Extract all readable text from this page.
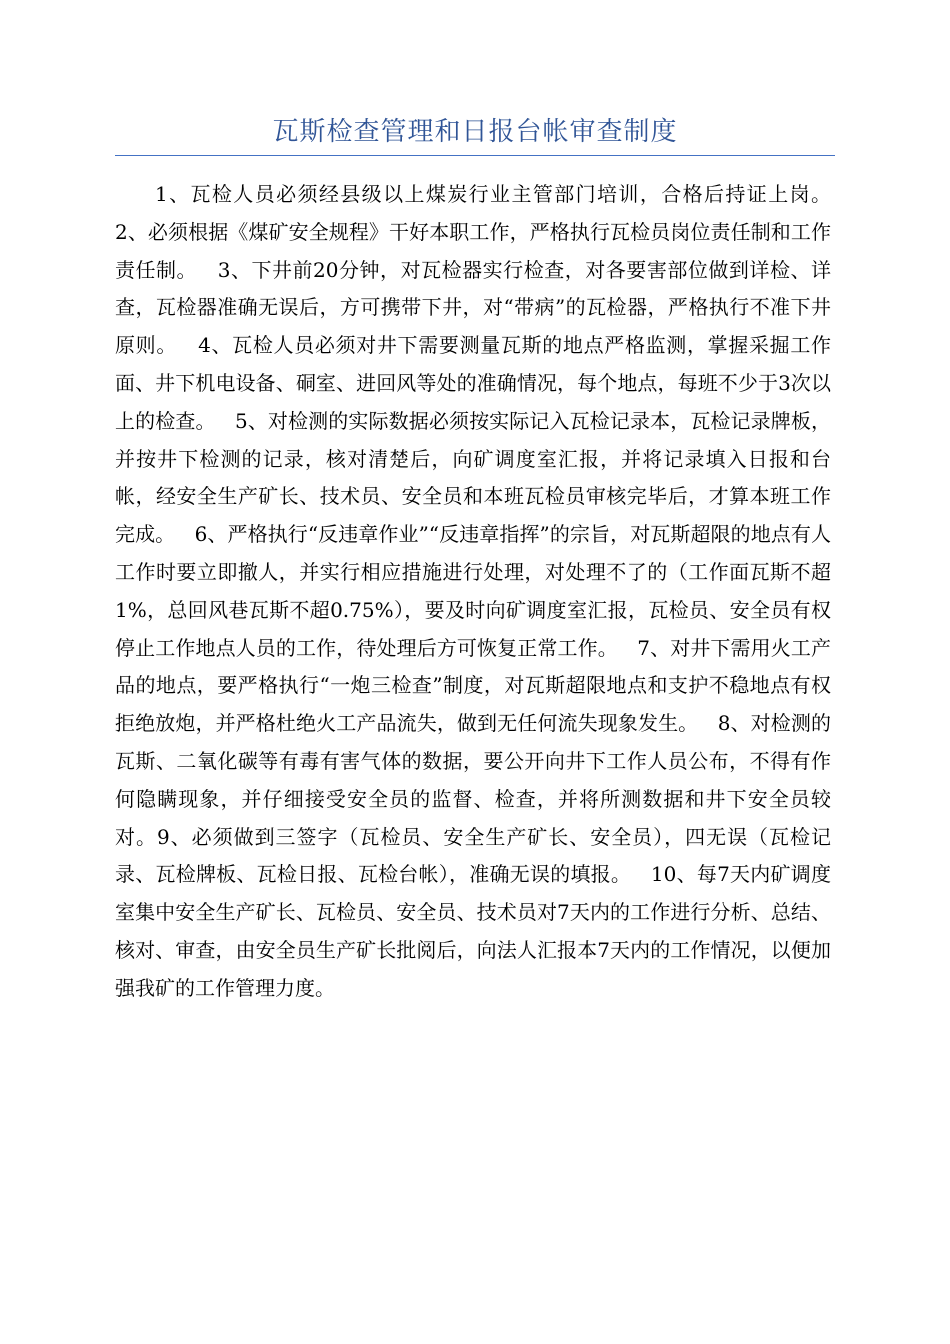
瓦斯检查管理和日报台帐审查制度

1、瓦检人员必须经县级以上煤炭行业主管部门培训，合格后持证上岗。   2、必须根据《煤矿安全规程》干好本职工作，严格执行瓦检员岗位责任制和工作责任制。   3、下井前20分钟，对瓦检器实行检查，对各要害部位做到详检、详查，瓦检器准确无误后，方可携带下井，对“带病”的瓦检器，严格执行不准下井原则。   4、瓦检人员必须对井下需要测量瓦斯的地点严格监测，掌握采掘工作面、井下机电设备、硐室、进回风等处的准确情况，每个地点，每班不少于3次以上的检查。   5、对检测的实际数据必须按实际记入瓦检记录本，瓦检记录牌板，并按井下检测的记录，核对清楚后，向矿调度室汇报，并将记录填入日报和台帐，经安全生产矿长、技术员、安全员和本班瓦检员审核完毕后，才算本班工作完成。   6、严格执行“反违章作业”“反违章指挥”的宗旨，对瓦斯超限的地点有人工作时要立即撤人，并实行相应措施进行处理，对处理不了的（工作面瓦斯不超1%，总回风巷瓦斯不超0.75%），要及时向矿调度室汇报，瓦检员、安全员有权停止工作地点人员的工作，待处理后方可恢复正常工作。   7、对井下需用火工产品的地点，要严格执行“一炮三检查”制度，对瓦斯超限地点和支护不稳地点有权拒绝放炮，并严格杜绝火工产品流失，做到无任何流失现象发生。   8、对检测的瓦斯、二氧化碳等有毒有害气体的数据，要公开向井下工作人员公布，不得有作何隐瞒现象，并仔细接受安全员的监督、检查，并将所测数据和井下安全员较对。9、必须做到三签字（瓦检员、安全生产矿长、安全员），四无误（瓦检记录、瓦检牌板、瓦检日报、瓦检台帐），准确无误的填报。   10、每7天内矿调度室集中安全生产矿长、瓦检员、安全员、技术员对7天内的工作进行分析、总结、核对、审查，由安全员生产矿长批阅后，向法人汇报本7天内的工作情况，以便加强我矿的工作管理力度。
